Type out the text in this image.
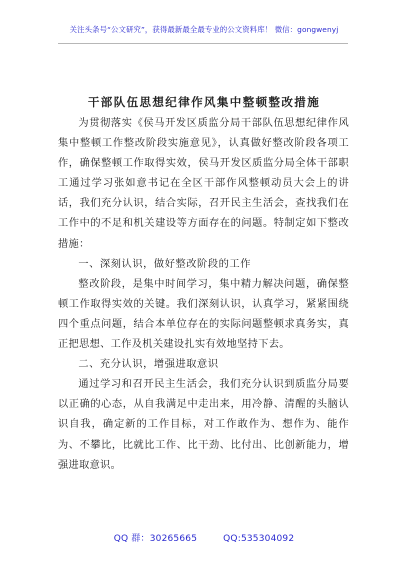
关注头条号“公文研究”，获得最新最全最专业的公文资料库！ 微信：gongwenyj
干部队伍思想纪律作风集中整顿整改措施

为贯彻落实《侯马开发区质监分局干部队伍思想纪律作风集中整顿工作整改阶段实施意见》，认真做好整改阶段各项工作，确保整顿工作取得实效，侯马开发区质监分局全体干部职工通过学习张如意书记在全区干部作风整顿动员大会上的讲话，我们充分认识，结合实际，召开民主生活会，查找我们在工作中的不足和机关建设等方面存在的问题。特制定如下整改措施：

一、深刻认识，做好整改阶段的工作

整改阶段，是集中时间学习，集中精力解决问题，确保整顿工作取得实效的关键。我们深刻认识，认真学习，紧紧围绕四个重点问题，结合本单位存在的实际问题整顿求真务实，真正把思想、工作及机关建设扎实有效地坚持下去。

二、充分认识，增强进取意识

通过学习和召开民主生活会，我们充分认识到质监分局要以正确的心态，从自我满足中走出来，用冷静、清醒的头脑认识自我，确定新的工作目标，对工作敢作为、想作为、能作为、不攀比，比就比工作、比干劲、比付出、比创新能力，增强进取意识。

QQ 群：30265665	QQ:535304092
